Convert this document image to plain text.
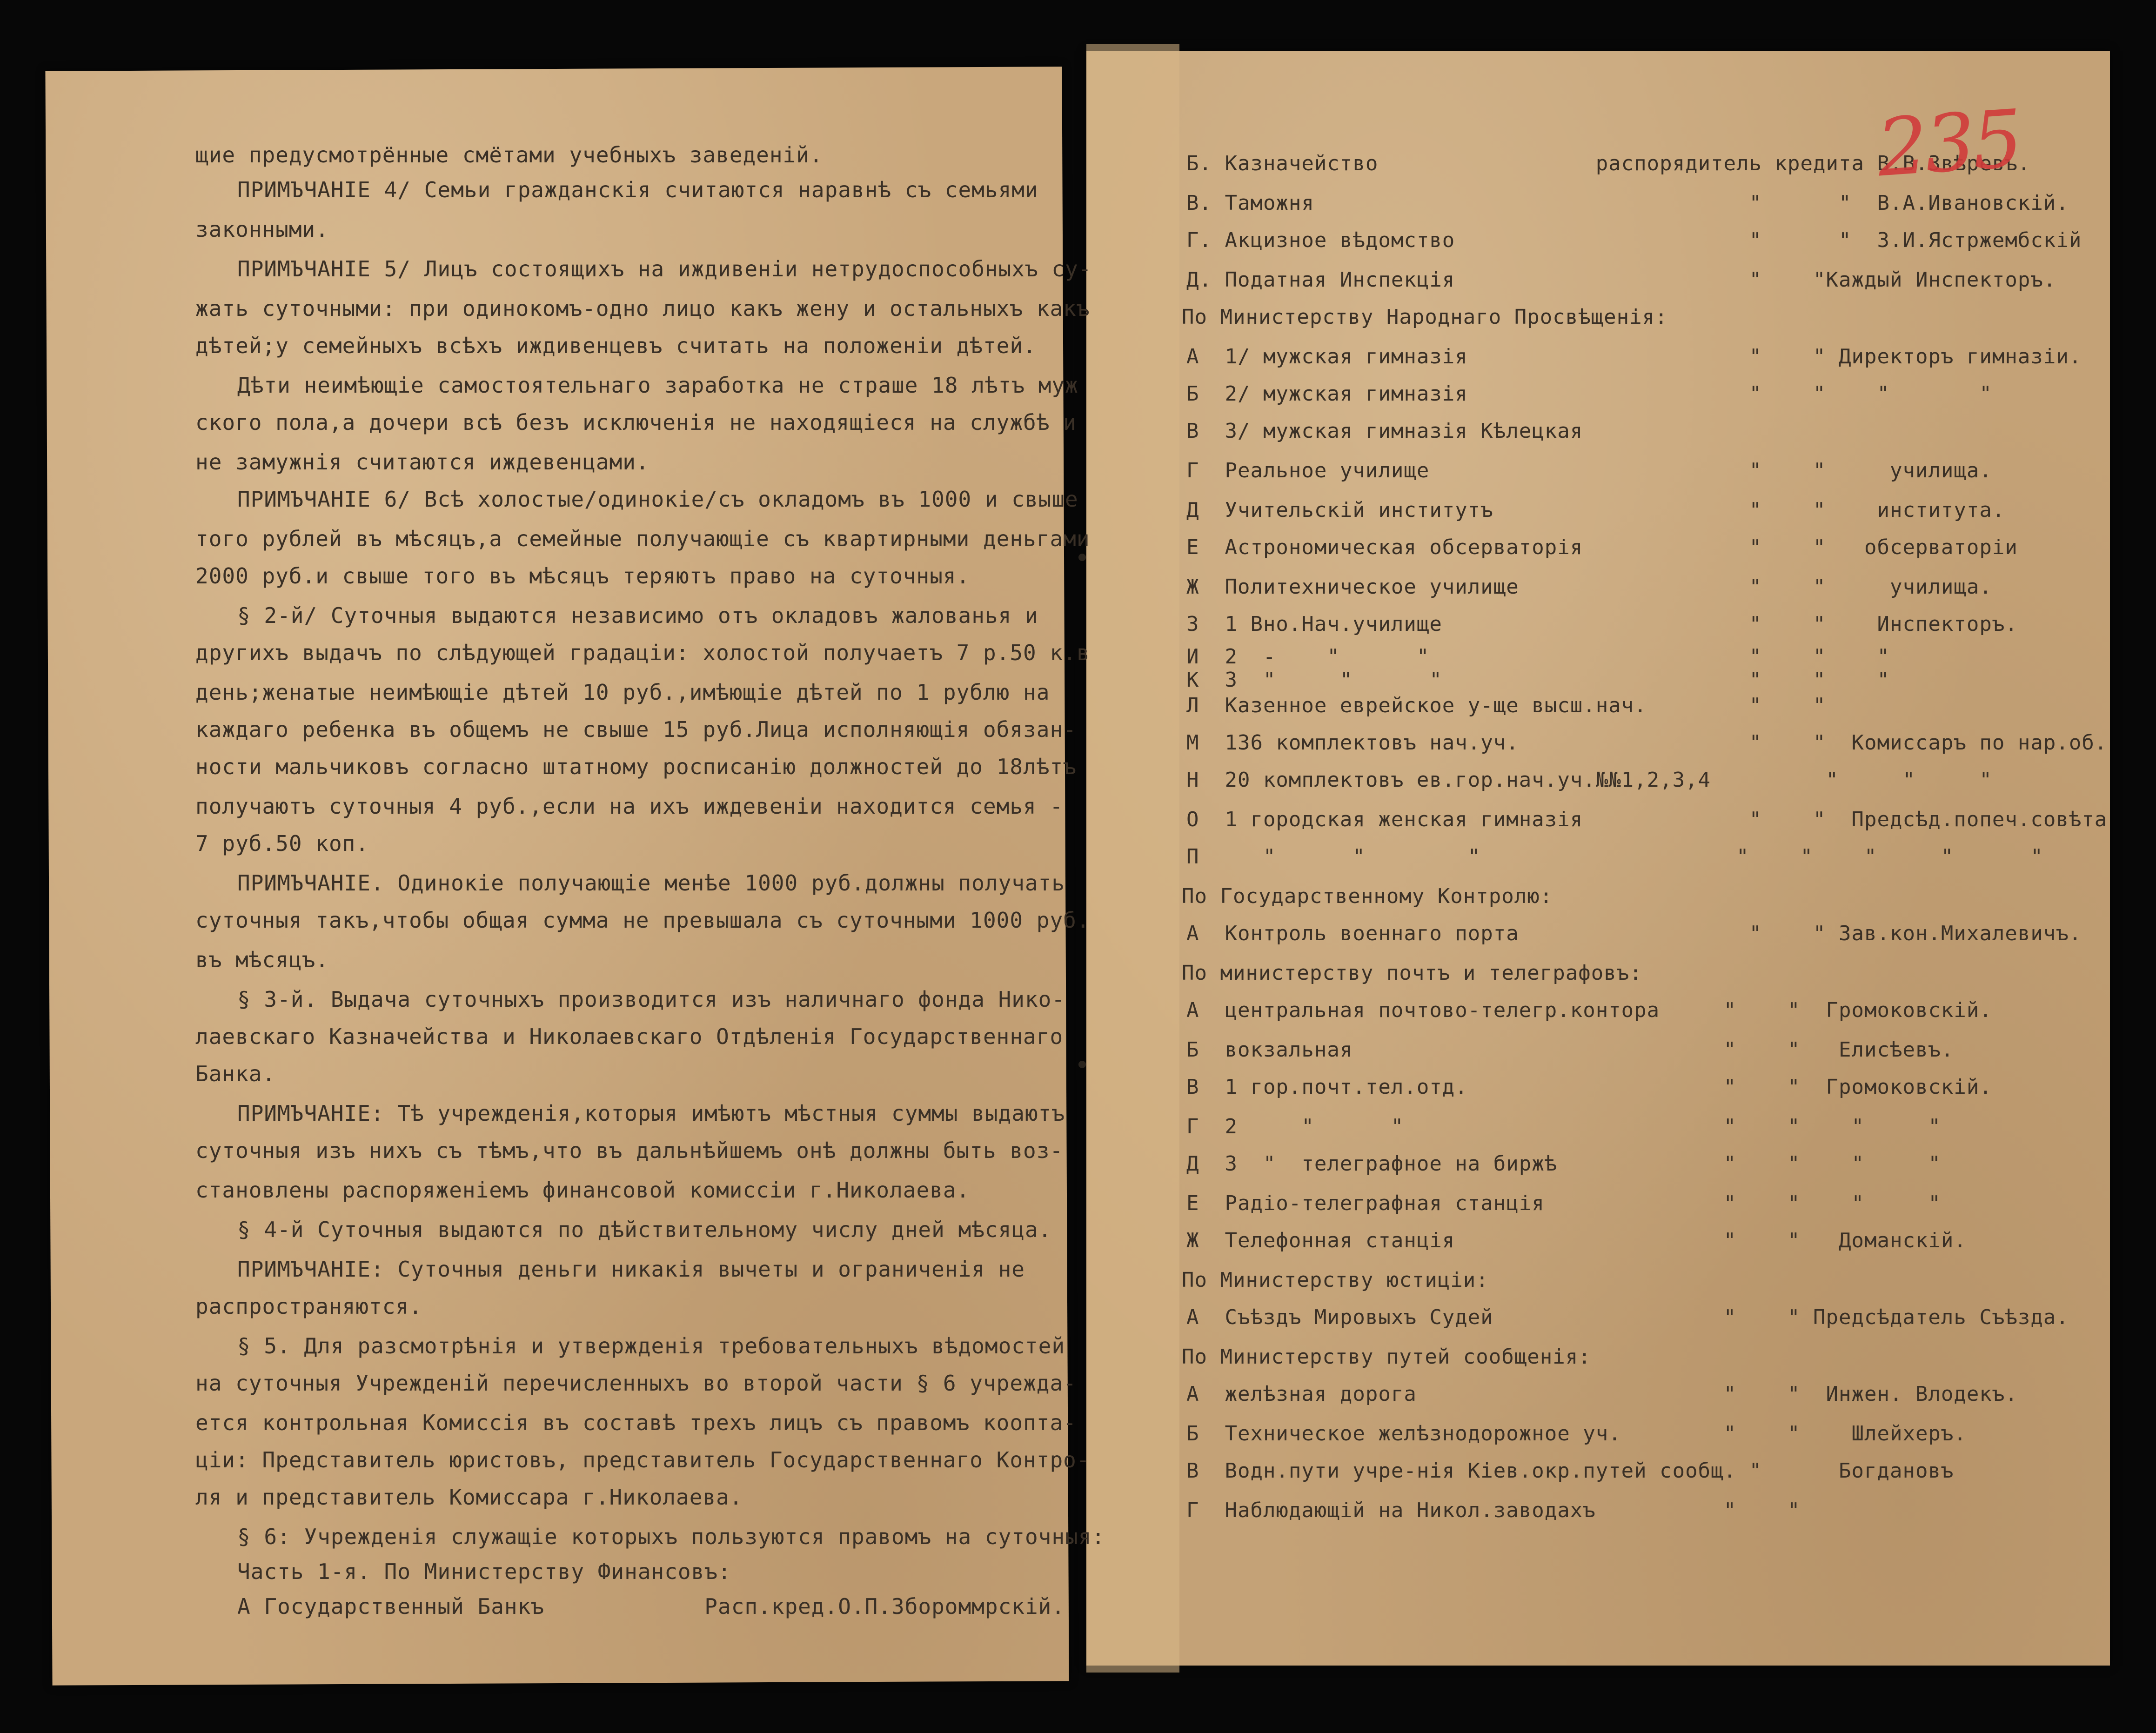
щие предусмотрённые смётами учебныхъ заведеній.
ПРИМЪЧАНІЕ 4/ Семьи гражданскія считаются наравнѣ съ семьями
законными.
ПРИМЪЧАНІЕ 5/ Лицъ состоящихъ на иждивеніи нетрудоспособныхъ су-
жать суточными: при одинокомъ-одно лицо какъ жену и остальныхъ какъ
дѣтей;у семейныхъ всѣхъ иждивенцевъ считать на положеніи дѣтей.
Дѣти неимѣющіе самостоятельнаго заработка не страше 18 лѣтъ муж
ского пола,а дочери всѣ безъ исключенія не находящіеся на службѣ и
не замужнія считаются иждевенцами.
ПРИМЪЧАНІЕ 6/ Всѣ холостые/одинокіе/съ окладомъ въ 1000 и свыше
того рублей въ мѣсяцъ,а семейные получающіе съ квартирными деньгами
2000 руб.и свыше того въ мѣсяцъ теряютъ право на суточныя.
§ 2-й/ Суточныя выдаются независимо отъ окладовъ жалованья и
другихъ выдачъ по слѣдующей градаціи: холостой получаетъ 7 р.50 к.в
день;женатые неимѣющіе дѣтей 10 руб.,имѣющіе дѣтей по 1 рублю на
каждаго ребенка въ общемъ не свыше 15 руб.Лица исполняющія обязан-
ности мальчиковъ согласно штатному росписанію должностей до 18лѣтъ
получаютъ суточныя 4 руб.,если на ихъ иждевеніи находится семья -
7 руб.50 коп.
ПРИМЪЧАНІЕ. Одинокіе получающіе менѣе 1000 руб.должны получать
суточныя такъ,чтобы общая сумма не превышала съ суточными 1000 руб.
въ мѣсяцъ.
§ 3-й. Выдача суточныхъ производится изъ наличнаго фонда Нико-
лаевскаго Казначейства и Николаевскаго Отдѣленія Государственнаго
Банка.
ПРИМЪЧАНІЕ: Тѣ учрежденія,которыя имѣютъ мѣстныя суммы выдаютъ
суточныя изъ нихъ съ тѣмъ,что въ дальнѣйшемъ онѣ должны быть воз-
становлены распоряженіемъ финансовой комиссіи г.Николаева.
§ 4-й Суточныя выдаются по дѣйствительному числу дней мѣсяца.
ПРИМЪЧАНІЕ: Суточныя деньги никакія вычеты и ограниченія не
распространяются.
§ 5. Для разсмотрѣнія и утвержденія требовательныхъ вѣдомостей
на суточныя Учрежденій перечисленныхъ во второй части § 6 учрежда-
ется контрольная Комиссія въ составѣ трехъ лицъ съ правомъ коопта-
ціи: Представитель юристовъ, представитель Государственнаго Контро-
ля и представитель Комиссара г.Николаева.
§ 6: Учрежденія служащіе которыхъ пользуются правомъ на суточныя:
Часть 1-я. По Министерству Финансовъ:
А Государственный Банкъ            Расп.кред.О.П.Збороммрскій.
Б. Казначейство                 распорядитель кредита В.В.Звѣревъ.
В. Таможня                                  "      "  В.А.Ивановскій.
Г. Акцизное вѣдомство                       "      "  З.И.Ястржембскій
Д. Податная Инспекція                       "    "Каждый Инспекторъ.
По Министерству Народнаго Просвѣщенія:
А  1/ мужская гимназія                      "    " Директоръ гимназіи.
Б  2/ мужская гимназія                      "    "    "       "
В  3/ мужская гимназія Кѣлецкая
Г  Реальное училище                         "    "     училища.
Д  Учительскій институтъ                    "    "    института.
Е  Астрономическая обсерваторія             "    "   обсерваторіи
Ж  Политехническое училище                  "    "     училища.
З  1 Вно.Нач.училище                        "    "    Инспекторъ.
И  2  -    "      "                         "    "    "
К  3  "     "      "                        "    "    "
Л  Казенное еврейское у-ще высш.нач.        "    "
М  136 комплектовъ нач.уч.                  "    "  Комиссаръ по нар.об.
Н  20 комплектовъ ев.гор.нач.уч.№№1,2,3,4         "     "     "
О  1 городская женская гимназія             "    "  Предсѣд.попеч.совѣта
П     "      "        "                    "    "    "     "      "
По Государственному Контролю:
А  Контроль военнаго порта                  "    " Зав.кон.Михалевичъ.
По министерству почтъ и телеграфовъ:
А  центральная почтово-телегр.контора     "    "  Громоковскій.
Б  вокзальная                             "    "   Елисѣевъ.
В  1 гор.почт.тел.отд.                    "    "  Громоковскій.
Г  2     "      "                         "    "    "     "
Д  3  "  телеграфное на биржѣ             "    "    "     "
Е  Радіо-телеграфная станція              "    "    "     "
Ж  Телефонная станція                     "    "   Доманскій.
По Министерству юстиціи:
А  Съѣздъ Мировыхъ Судей                  "    " Предсѣдатель Съѣзда.
По Министерству путей сообщенія:
А  желѣзная дорога                        "    "  Инжен. Влодекъ.
Б  Техническое желѣзнодорожное уч.        "    "    Шлейхеръ.
В  Водн.пути учре-нія Кіев.окр.путей сообщ. "      Богдановъ
Г  Наблюдающій на Никол.заводахъ          "    "
235
